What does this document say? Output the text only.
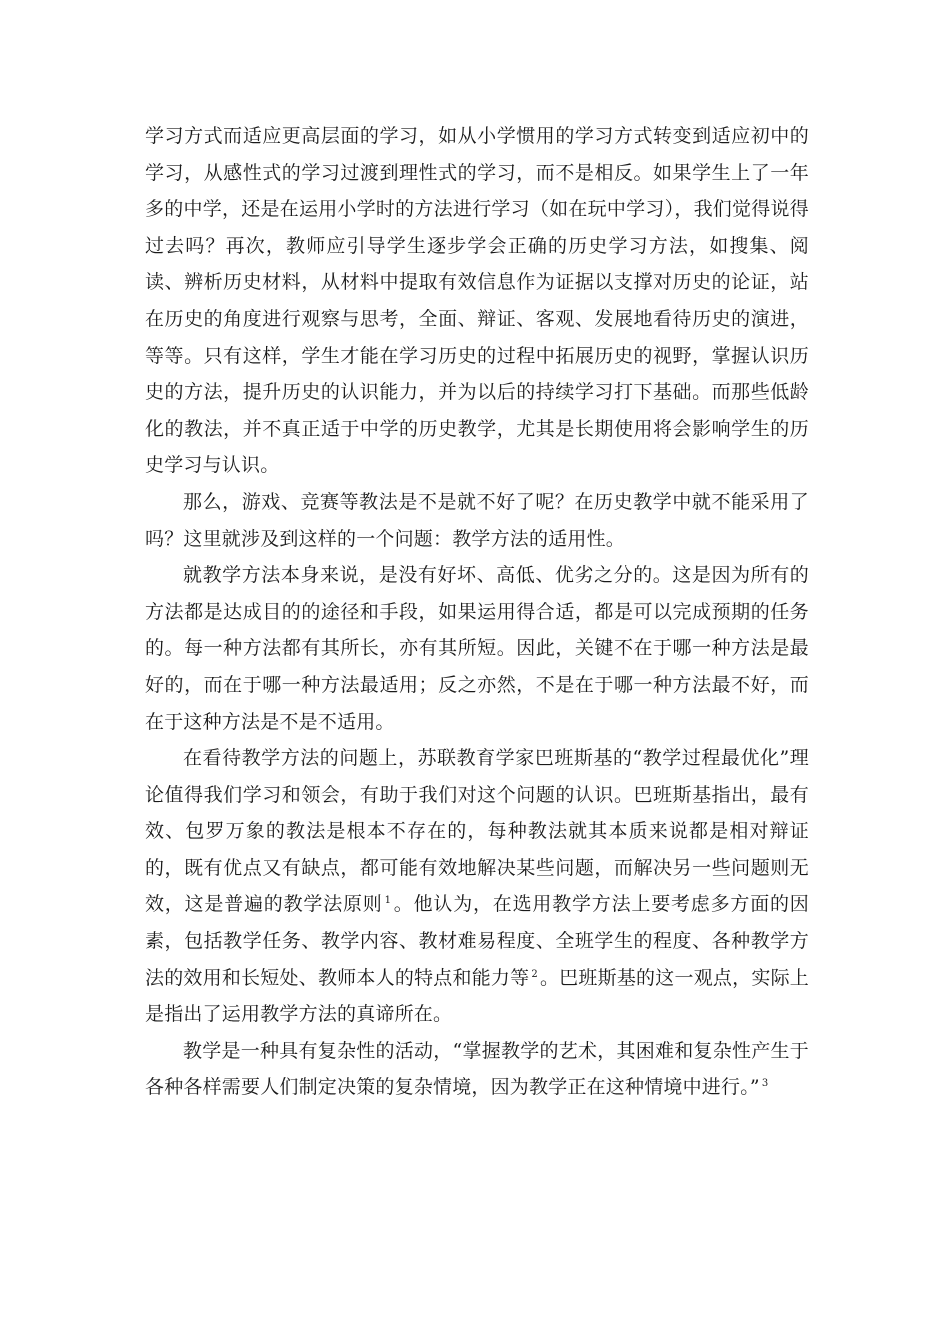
学习方式而适应更高层面的学习，如从小学惯用的学习方式转变到适应初中的学习，从感性式的学习过渡到理性式的学习，而不是相反。如果学生上了一年多的中学，还是在运用小学时的方法进行学习（如在玩中学习），我们觉得说得过去吗？再次，教师应引导学生逐步学会正确的历史学习方法，如搜集、阅读、辨析历史材料，从材料中提取有效信息作为证据以支撑对历史的论证，站在历史的角度进行观察与思考，全面、辩证、客观、发展地看待历史的演进，等等。只有这样，学生才能在学习历史的过程中拓展历史的视野，掌握认识历史的方法，提升历史的认识能力，并为以后的持续学习打下基础。而那些低龄化的教法，并不真正适于中学的历史教学，尤其是长期使用将会影响学生的历史学习与认识。

那么，游戏、竞赛等教法是不是就不好了呢？在历史教学中就不能采用了吗？这里就涉及到这样的一个问题：教学方法的适用性。

就教学方法本身来说，是没有好坏、高低、优劣之分的。这是因为所有的方法都是达成目的的途径和手段，如果运用得合适，都是可以完成预期的任务的。每一种方法都有其所长，亦有其所短。因此，关键不在于哪一种方法是最好的，而在于哪一种方法最适用；反之亦然，不是在于哪一种方法最不好，而在于这种方法是不是不适用。

在看待教学方法的问题上，苏联教育学家巴班斯基的“教学过程最优化”理论值得我们学习和领会，有助于我们对这个问题的认识。巴班斯基指出，最有效、包罗万象的教法是根本不存在的，每种教法就其本质来说都是相对辩证的，既有优点又有缺点，都可能有效地解决某些问题，而解决另一些问题则无效，这是普遍的教学法原则 $^1$ 。他认为，在选用教学方法上要考虑多方面的因素，包括教学任务、教学内容、教材难易程度、全班学生的程度、各种教学方法的效用和长短处、教师本人的特点和能力等 $^2$ 。巴班斯基的这一观点，实际上是指出了运用教学方法的真谛所在。

教学是一种具有复杂性的活动，“掌握教学的艺术，其困难和复杂性产生于各种各样需要人们制定决策的复杂情境，因为教学正在这种情境中进行。” $^3$
